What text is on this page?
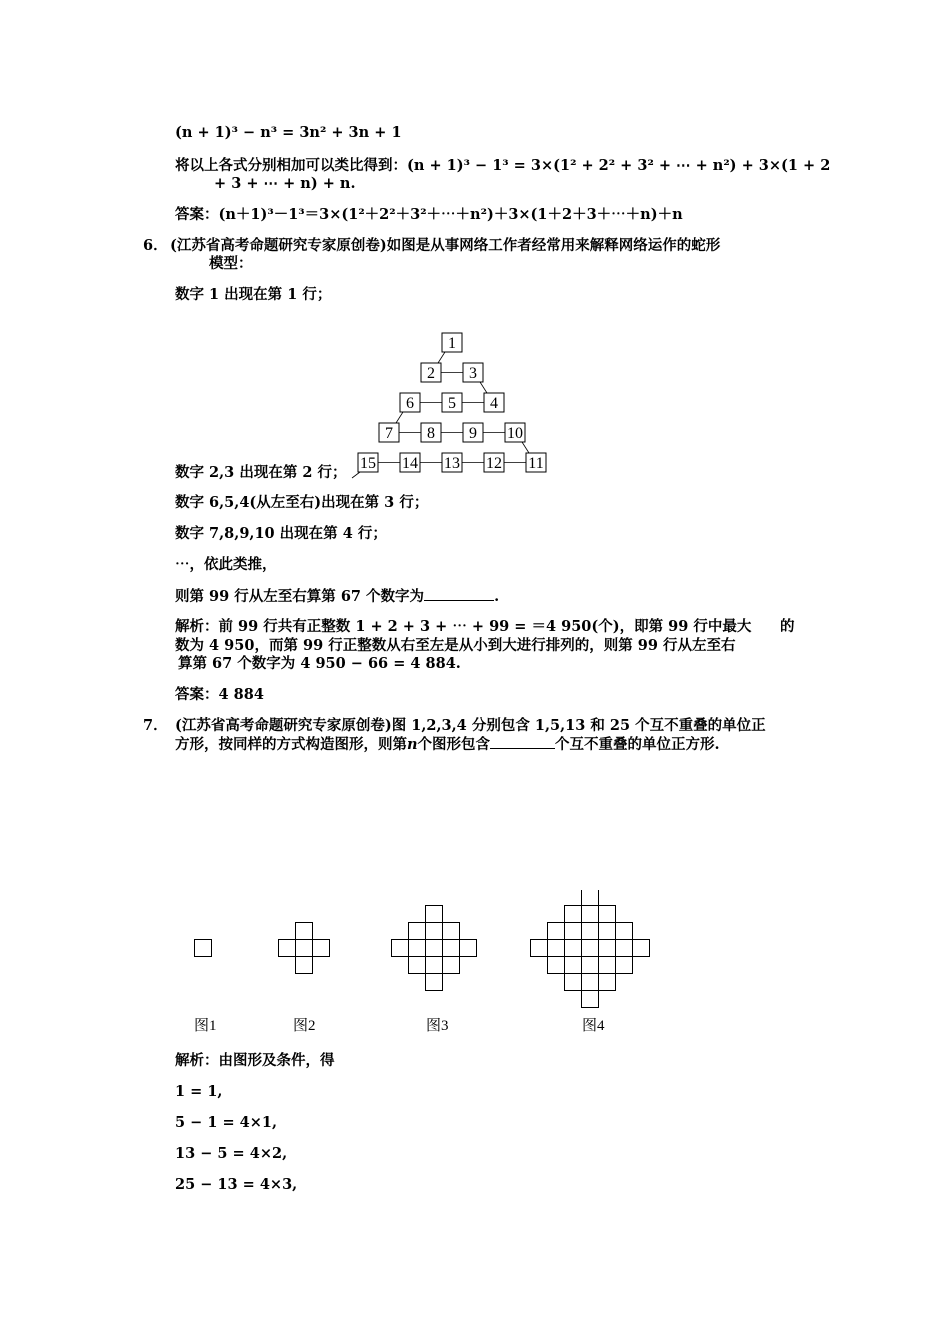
(n + 1)³ − n³ = 3n² + 3n + 1
将以上各式分别相加可以类比得到：(n + 1)³ − 1³ = 3×(1² + 2² + 3² + ⋯ + n²) + 3×(1 + 2
+ 3 + ⋯ + n) + n.
答案：(n＋1)³－1³＝3×(1²＋2²＋3²＋⋯＋n²)＋3×(1＋2＋3＋⋯＋n)＋n
6． (江苏省高考命题研究专家原创卷)如图是从事网络工作者经常用来解释网络运作的蛇形
模型：
数字 1 出现在第 1 行；
1
2 3
6 5 4
7 8 9 10
15 14 13 12 11
数字 2,3 出现在第 2 行；
数字 6,5,4(从左至右)出现在第 3 行；
数字 7,8,9,10 出现在第 4 行；
⋯，依此类推，
则第 99 行从左至右算第 67 个数字为	.
解析：前 99 行共有正整数 1 + 2 + 3 + ⋯ + 99 = ＝4 950(个)，即第 99 行中最大 的
数为 4 950，而第 99 行正整数从右至左是从小到大进行排列的，则第 99 行从左至右
算第 67 个数字为 4 950 − 66 = 4 884.
答案：4 884
7． (江苏省高考命题研究专家原创卷)图 1,2,3,4 分别包含 1,5,13 和 25 个互不重叠的单位正
方形，按同样的方式构造图形，则第n个图形包含	个互不重叠的单位正方形.
图1	图2	图3	图4
解析：由图形及条件，得
1 = 1,
5 − 1 = 4×1,
13 − 5 = 4×2,
25 − 13 = 4×3,
